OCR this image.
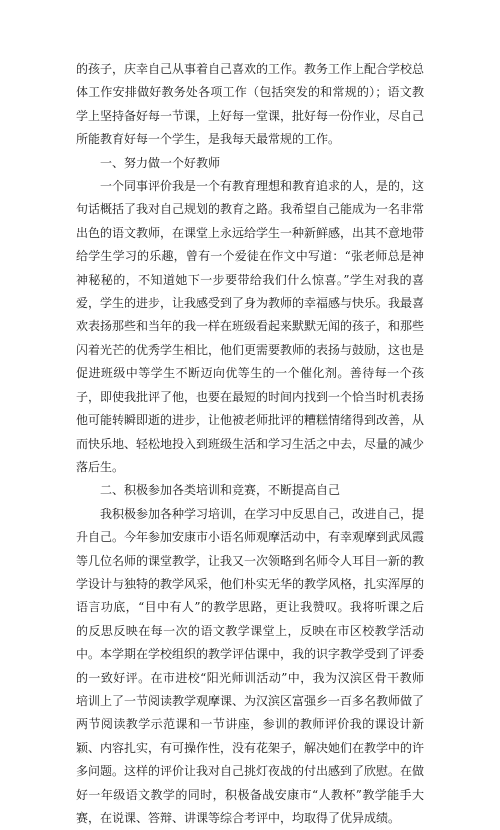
的孩子，庆幸自己从事着自己喜欢的工作。教务工作上配合学校总体工作安排做好教务处各项工作（包括突发的和常规的）；语文教学上坚持备好每一节课，上好每一堂课，批好每一份作业，尽自己所能教育好每一个学生，是我每天最常规的工作。

一、努力做一个好教师

一个同事评价我是一个有教育理想和教育追求的人，是的，这句话概括了我对自己规划的教育之路。我希望自己能成为一名非常出色的语文教师，在课堂上永远给学生一种新鲜感，出其不意地带给学生学习的乐趣，曾有一个爱徒在作文中写道：“张老师总是神神秘秘的，不知道她下一步要带给我们什么惊喜。”学生对我的喜爱，学生的进步，让我感受到了身为教师的幸福感与快乐。我最喜欢表扬那些和当年的我一样在班级看起来默默无闻的孩子，和那些闪着光芒的优秀学生相比，他们更需要教师的表扬与鼓励，这也是促进班级中等学生不断迈向优等生的一个催化剂。善待每一个孩子，即使我批评了他，也要在最短的时间内找到一个恰当时机表扬他可能转瞬即逝的进步，让他被老师批评的糟糕情绪得到改善，从而快乐地、轻松地投入到班级生活和学习生活之中去，尽量的减少落后生。

二、积极参加各类培训和竞赛，不断提高自己

我积极参加各种学习培训，在学习中反思自己，改进自己，提升自己。今年参加安康市小语名师观摩活动中，有幸观摩到武凤霞等几位名师的课堂教学，让我又一次领略到名师令人耳目一新的教学设计与独特的教学风采，他们朴实无华的教学风格，扎实浑厚的语言功底，“目中有人”的教学思路，更让我赞叹。我将听课之后的反思反映在每一次的语文教学课堂上，反映在市区校教学活动中。本学期在学校组织的教学评估课中，我的识字教学受到了评委的一致好评。在市进校“阳光师训活动”中，我为汉滨区骨干教师培训上了一节阅读教学观摩课、为汉滨区富强乡一百多名教师做了两节阅读教学示范课和一节讲座，参训的教师评价我的课设计新颖、内容扎实，有可操作性，没有花架子，解决她们在教学中的许多问题。这样的评价让我对自己挑灯夜战的付出感到了欣慰。在做好一年级语文教学的同时，积极备战安康市“人教杯”教学能手大赛，在说课、答辩、讲课等综合考评中，均取得了优异成绩。
